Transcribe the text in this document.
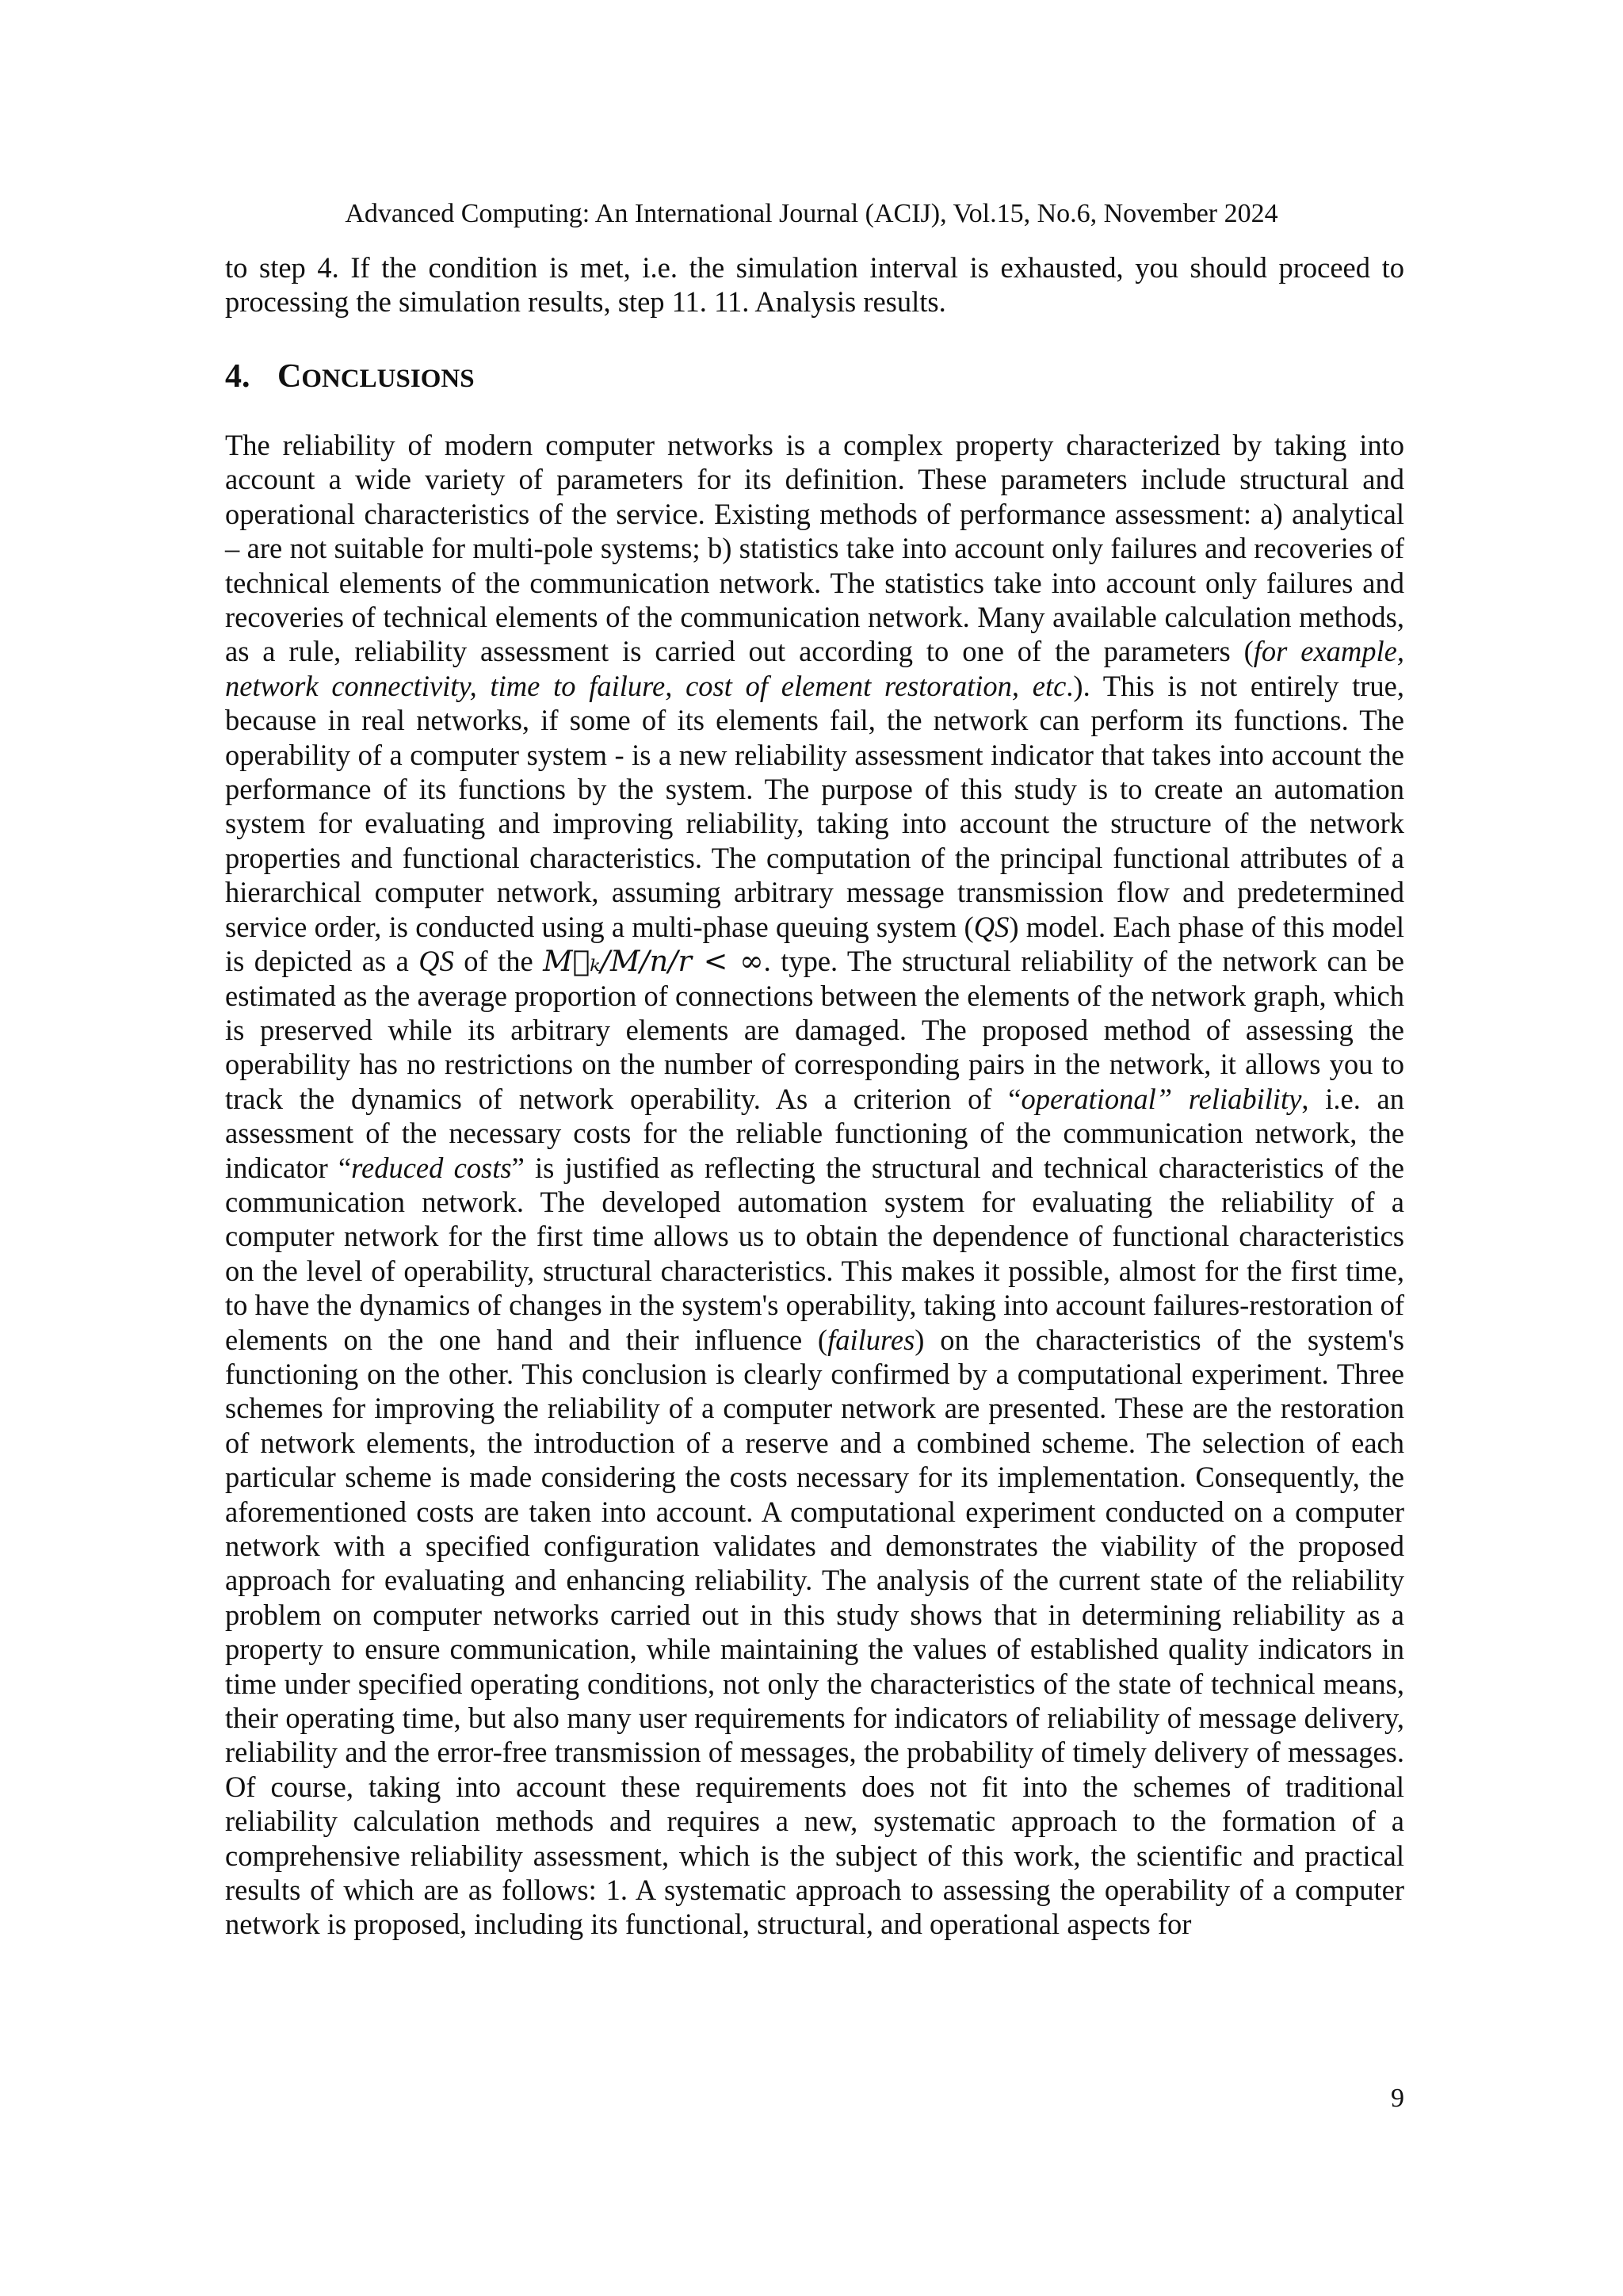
Advanced Computing: An International Journal (ACIJ), Vol.15, No.6, November 2024
to step 4. If the condition is met, i.e. the simulation interval is exhausted, you should proceed to processing the simulation results, step 11. 11. Analysis results.
4. CONCLUSIONS
The reliability of modern computer networks is a complex property characterized by taking into account a wide variety of parameters for its definition. These parameters include structural and operational characteristics of the service. Existing methods of performance assessment: a) analytical – are not suitable for multi-pole systems; b) statistics take into account only failures and recoveries of technical elements of the communication network. The statistics take into account only failures and recoveries of technical elements of the communication network. Many available calculation methods, as a rule, reliability assessment is carried out according to one of the parameters (for example, network connectivity, time to failure, cost of element restoration, etc.). This is not entirely true, because in real networks, if some of its elements fail, the network can perform its functions. The operability of a computer system - is a new reliability assessment indicator that takes into account the performance of its functions by the system. The purpose of this study is to create an automation system for evaluating and improving reliability, taking into account the structure of the network properties and functional characteristics. The computation of the principal functional attributes of a hierarchical computer network, assuming arbitrary message transmission flow and predetermined service order, is conducted using a multi-phase queuing system (QS) model. Each phase of this model is depicted as a QS of the M⃗ₖ/M/n/r < ∞. type. The structural reliability of the network can be estimated as the average proportion of connections between the elements of the network graph, which is preserved while its arbitrary elements are damaged. The proposed method of assessing the operability has no restrictions on the number of corresponding pairs in the network, it allows you to track the dynamics of network operability. As a criterion of “operational” reliability, i.e. an assessment of the necessary costs for the reliable functioning of the communication network, the indicator “reduced costs” is justified as reflecting the structural and technical characteristics of the communication network. The developed automation system for evaluating the reliability of a computer network for the first time allows us to obtain the dependence of functional characteristics on the level of operability, structural characteristics. This makes it possible, almost for the first time, to have the dynamics of changes in the system's operability, taking into account failures-restoration of elements on the one hand and their influence (failures) on the characteristics of the system's functioning on the other. This conclusion is clearly confirmed by a computational experiment. Three schemes for improving the reliability of a computer network are presented. These are the restoration of network elements, the introduction of a reserve and a combined scheme. The selection of each particular scheme is made considering the costs necessary for its implementation. Consequently, the aforementioned costs are taken into account. A computational experiment conducted on a computer network with a specified configuration validates and demonstrates the viability of the proposed approach for evaluating and enhancing reliability. The analysis of the current state of the reliability problem on computer networks carried out in this study shows that in determining reliability as a property to ensure communication, while maintaining the values of established quality indicators in time under specified operating conditions, not only the characteristics of the state of technical means, their operating time, but also many user requirements for indicators of reliability of message delivery, reliability and the error-free transmission of messages, the probability of timely delivery of messages. Of course, taking into account these requirements does not fit into the schemes of traditional reliability calculation methods and requires a new, systematic approach to the formation of a comprehensive reliability assessment, which is the subject of this work, the scientific and practical results of which are as follows: 1. A systematic approach to assessing the operability of a computer network is proposed, including its functional, structural, and operational aspects for
9
